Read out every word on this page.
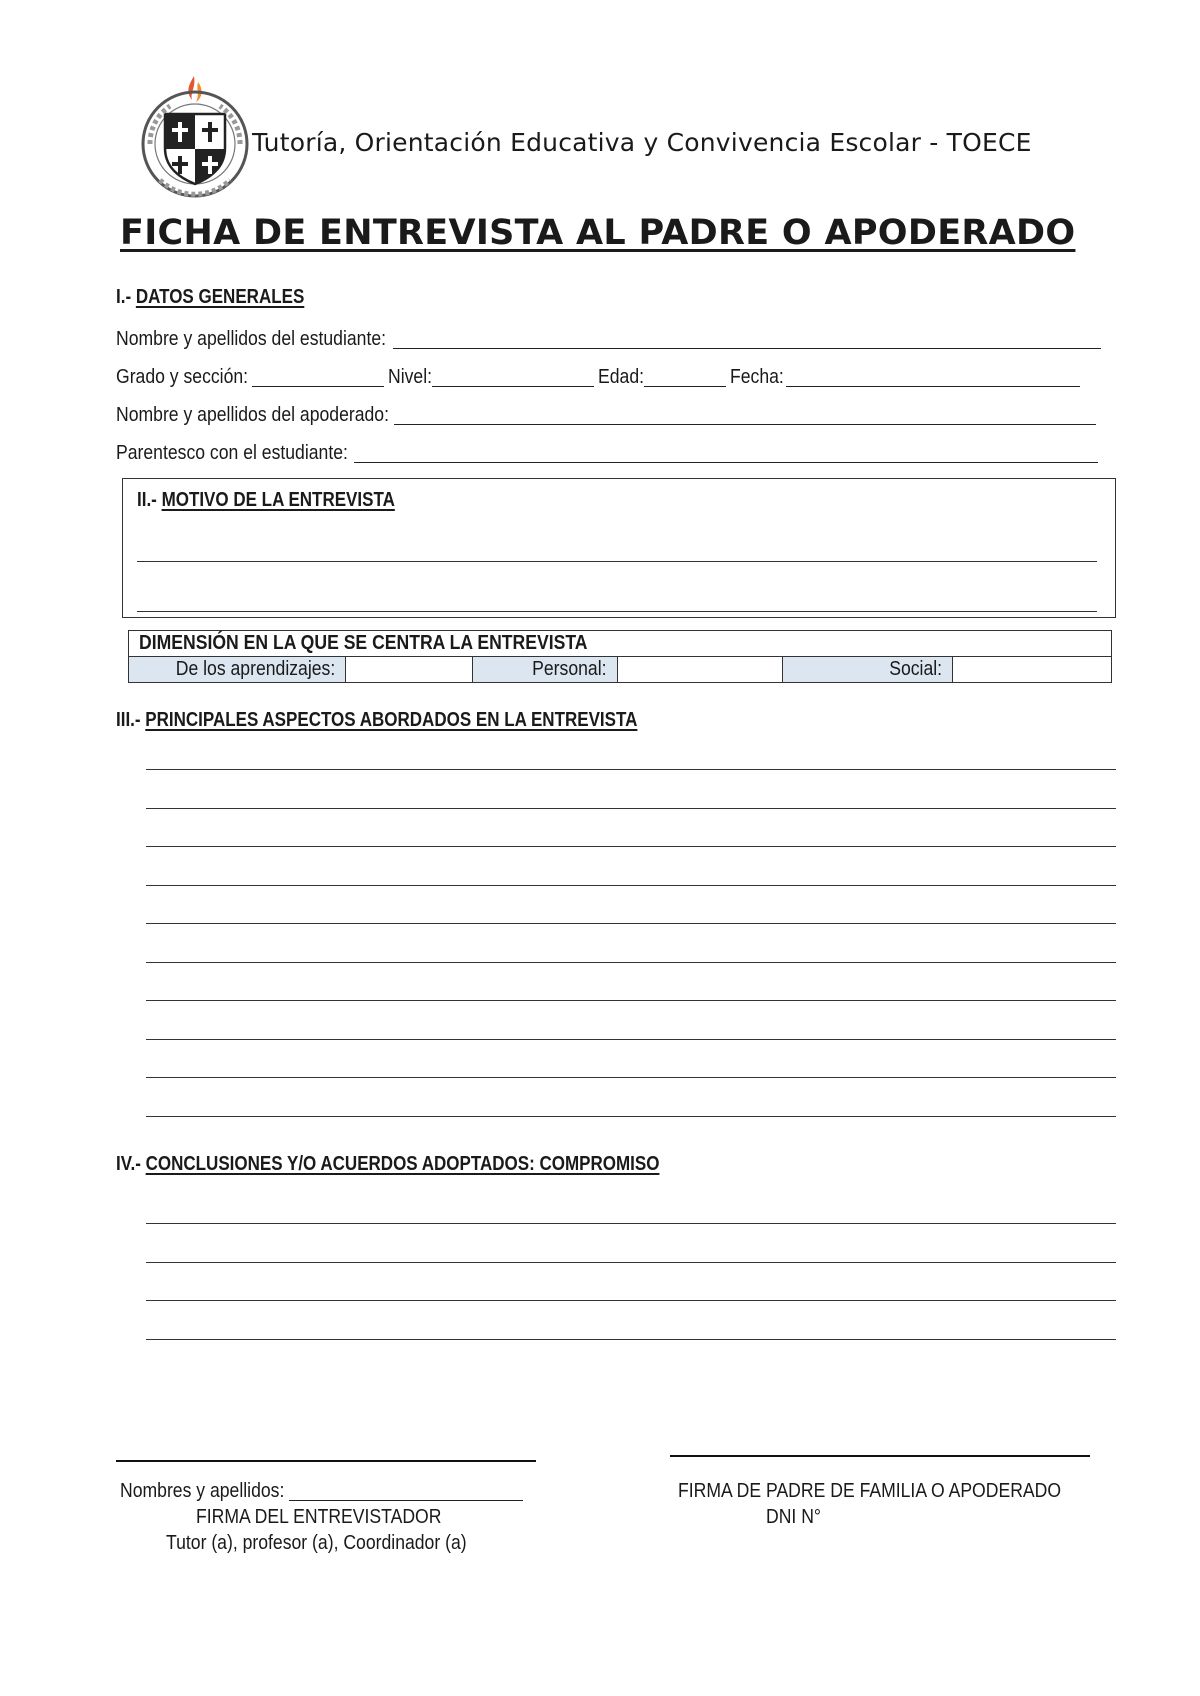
Tutoría, Orientación Educativa y Convivencia Escolar - TOECE
FICHA DE ENTREVISTA AL PADRE O APODERADO
I.- DATOS GENERALES
Nombre y apellidos del estudiante:
Grado y sección:	Nivel:	Edad:	Fecha:
Nombre y apellidos del apoderado:
Parentesco con el estudiante:
II.- MOTIVO DE LA ENTREVISTA
DIMENSIÓN EN LA QUE SE CENTRA LA ENTREVISTA
De los aprendizajes:		Personal:		Social:	
III.- PRINCIPALES ASPECTOS ABORDADOS EN LA ENTREVISTA
IV.- CONCLUSIONES Y/O ACUERDOS ADOPTADOS: COMPROMISO
Nombres y apellidos:
FIRMA DEL ENTREVISTADOR
Tutor (a), profesor (a), Coordinador (a)
FIRMA DE PADRE DE FAMILIA O APODERADO
DNI N°
